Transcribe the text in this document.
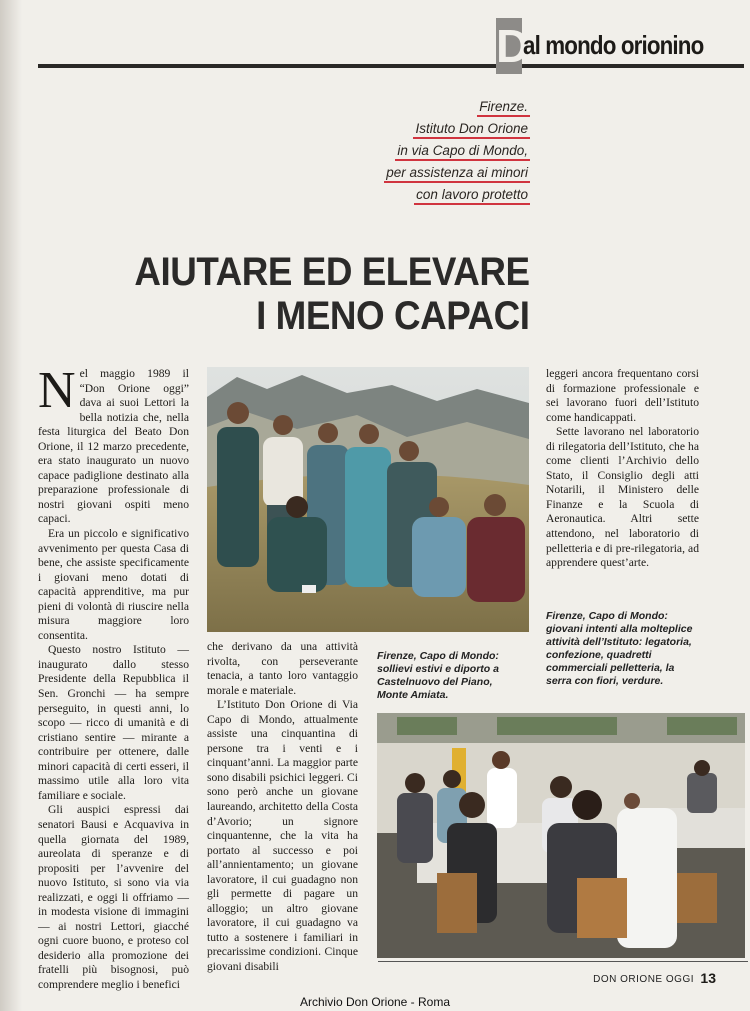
D
al mondo orionino
Firenze.
Istituto Don Orione
in via Capo di Mondo,
per assistenza ai minori
con lavoro protetto
AIUTARE ED ELEVARE
I MENO CAPACI

Nel maggio 1989 il “Don Orione oggi” dava ai suoi Lettori la bella notizia che, nella festa liturgica del Beato Don Orione, il 12 marzo precedente, era stato inaugurato un nuovo capace padiglione destinato alla preparazione professionale di nostri giovani ospiti meno capaci.

Era un piccolo e significativo avvenimento per questa Casa di bene, che assiste specificamente i giovani meno dotati di capacità apprenditive, ma pur pieni di volontà di riuscire nella misura maggiore loro consentita.

Questo nostro Istituto — inaugurato dallo stesso Presidente della Repubblica il Sen. Gronchi — ha sempre perseguito, in questi anni, lo scopo — ricco di umanità e di cristiano sentire — mirante a contribuire per ottenere, dalle minori capacità di certi esseri, il massimo utile alla loro vita familiare e sociale.

Gli auspici espressi dai senatori Bausi e Acquaviva in quella giornata del 1989, aureolata di speranze e di propositi per l’avvenire del nuovo Istituto, si sono via via realizzati, e oggi li offriamo — in modesta visione di immagini — ai nostri Lettori, giacché ogni cuore buono, e proteso col desiderio alla promozione dei fratelli più bisognosi, può comprendere meglio i benefici

che derivano da una attività rivolta, con perseverante tenacia, a tanto loro vantaggio morale e materiale.

L’Istituto Don Orione di Via Capo di Mondo, attualmente assiste una cinquantina di persone tra i venti e i cinquant’anni. La maggior parte sono disabili psichici leggeri. Ci sono però anche un giovane laureando, architetto della Costa d’Avorio; un signore cinquantenne, che la vita ha portato al successo e poi all’annientamento; un giovane lavoratore, il cui guadagno non gli permette di pagare un alloggio; un altro giovane lavoratore, il cui guadagno va tutto a sostenere i familiari in precarissime condizioni. Cinque giovani disabili

Firenze, Capo di Mondo: sollievi estivi e diporto a Castelnuovo del Piano, Monte Amiata.

leggeri ancora frequentano corsi di formazione professionale e sei lavorano fuori dell’Istituto come handicappati.

Sette lavorano nel laboratorio di rilegatoria dell’Istituto, che ha come clienti l’Archivio dello Stato, il Consiglio degli atti Notarili, il Ministero delle Finanze e la Scuola di Aeronautica. Altri sette attendono, nel laboratorio di pelletteria e di pre-rilegatoria, ad apprendere quest’arte.

Firenze, Capo di Mondo: giovani intenti alla molteplice attività dell’Istituto: legatoria, confezione, quadretti commerciali pelletteria, la serra con fiori, verdure.
DON ORIONE OGGI 13
Archivio Don Orione - Roma
